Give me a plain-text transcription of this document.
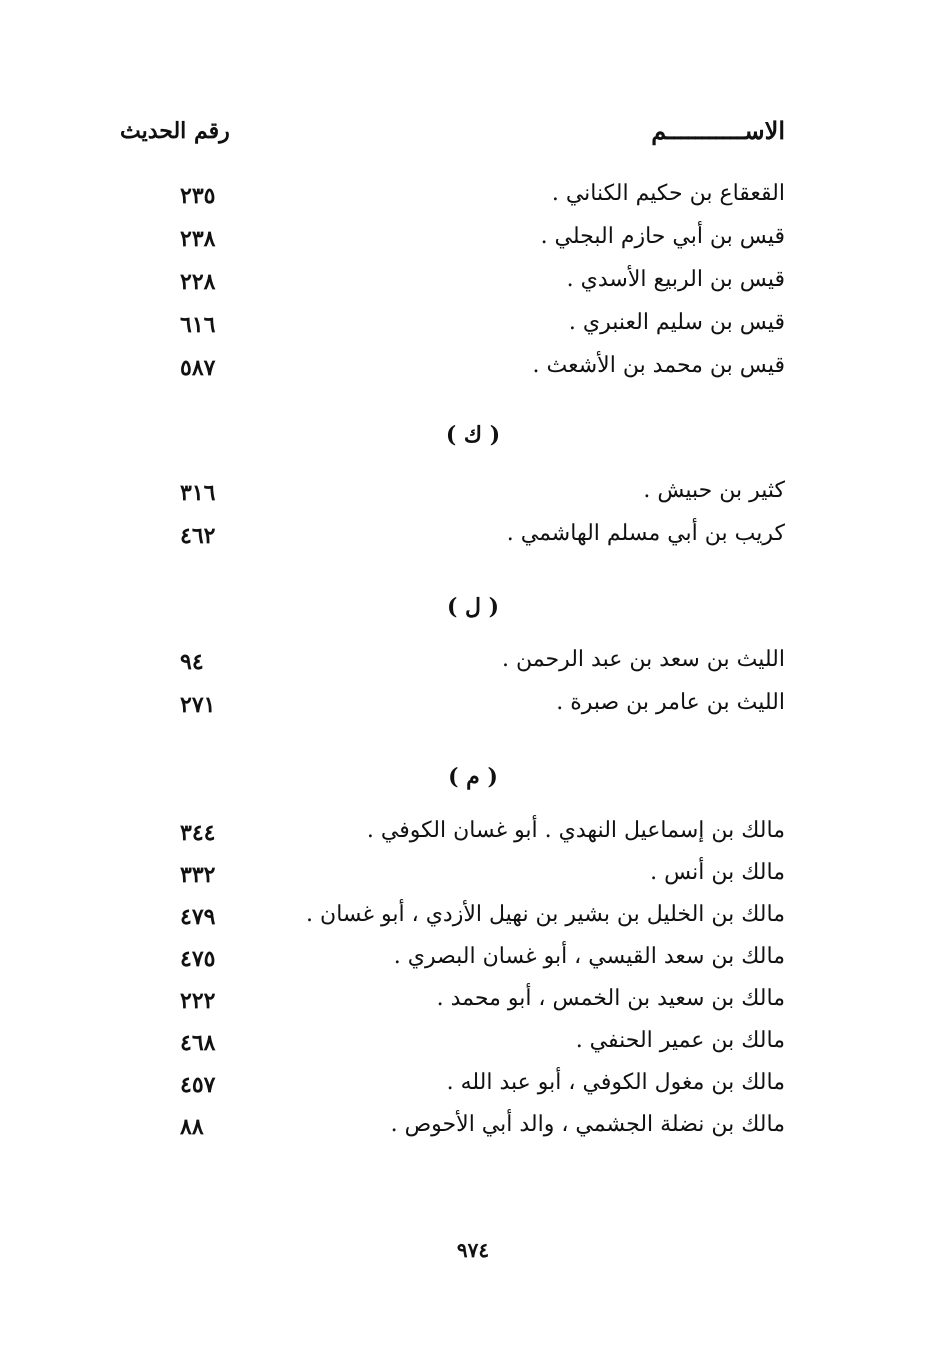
الاســـــــــــم
رقم الحديث
القعقاع بن حكيم الكناني .
٢٣٥
قيس بن أبي حازم البجلي .
٢٣٨
قيس بن الربيع الأسدي .
٢٢٨
قيس بن سليم العنبري .
٦١٦
قيس بن محمد بن الأشعث .
٥٨٧
( ك )
كثير بن حبيش .
٣١٦
كريب بن أبي مسلم الهاشمي .
٤٦٢
( ل )
الليث بن سعد بن عبد الرحمن .
٩٤
الليث بن عامر بن صبرة .
٢٧١
( م )
مالك بن إسماعيل النهدي . أبو غسان الكوفي .
٣٤٤
مالك بن أنس .
٣٣٢
مالك بن الخليل بن بشير بن نهيل الأزدي ، أبو غسان .
٤٧٩
مالك بن سعد القيسي ، أبو غسان البصري .
٤٧٥
مالك بن سعيد بن الخمس ، أبو محمد .
٢٢٢
مالك بن عمير الحنفي .
٤٦٨
مالك بن مغول الكوفي ، أبو عبد الله .
٤٥٧
مالك بن نضلة الجشمي ، والد أبي الأحوص .
٨٨
٩٧٤
